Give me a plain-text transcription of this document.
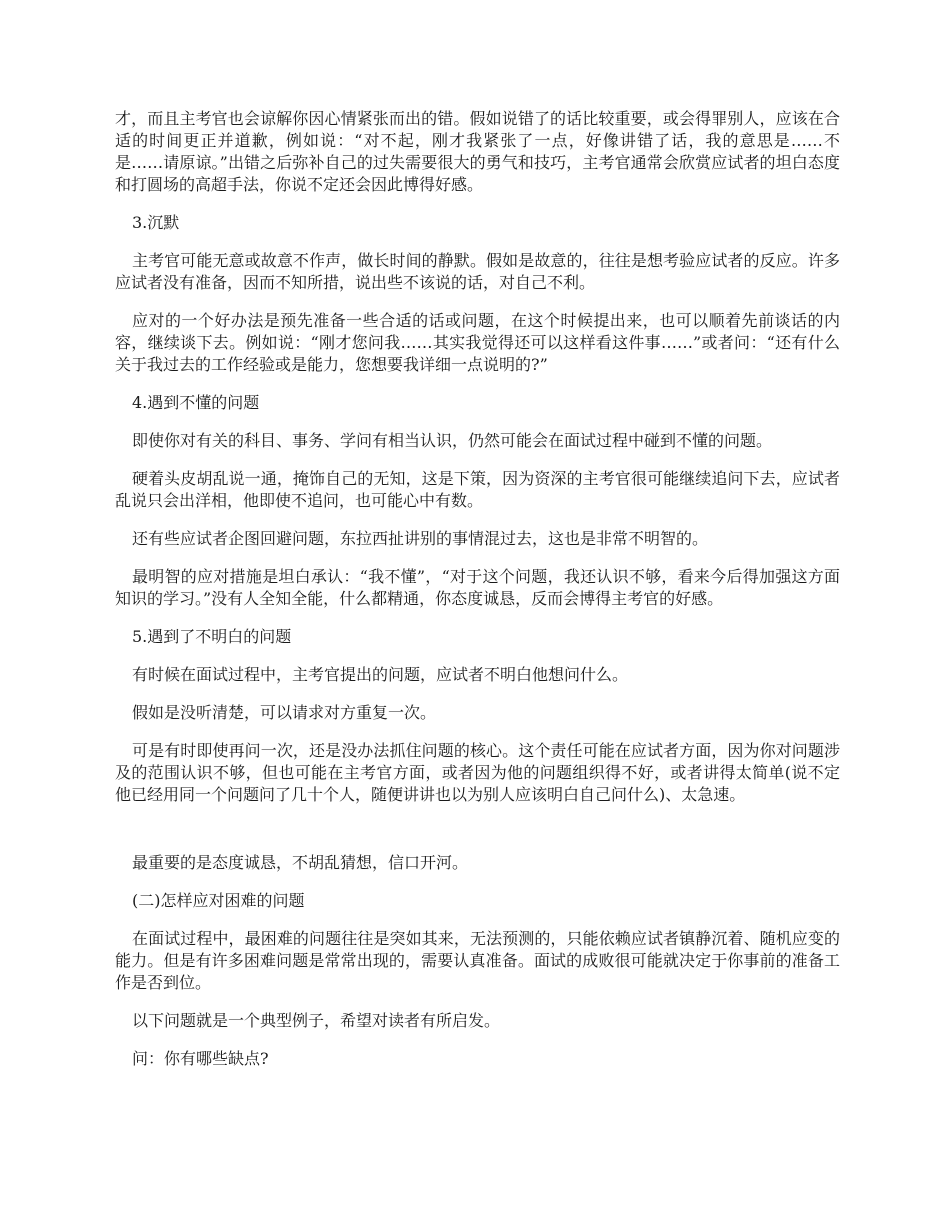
才，而且主考官也会谅解你因心情紧张而出的错。假如说错了的话比较重要，或会得罪别人，应该在合适的时间更正并道歉，例如说：“对不起，刚才我紧张了一点，好像讲错了话，我的意思是……不是……请原谅。”出错之后弥补自己的过失需要很大的勇气和技巧，主考官通常会欣赏应试者的坦白态度和打圆场的高超手法，你说不定还会因此博得好感。

3.沉默

主考官可能无意或故意不作声，做长时间的静默。假如是故意的，往往是想考验应试者的反应。许多应试者没有准备，因而不知所措，说出些不该说的话，对自己不利。

应对的一个好办法是预先准备一些合适的话或问题，在这个时候提出来，也可以顺着先前谈话的内容，继续谈下去。例如说：“刚才您问我……其实我觉得还可以这样看这件事……”或者问：“还有什么关于我过去的工作经验或是能力，您想要我详细一点说明的?”

4.遇到不懂的问题

即使你对有关的科目、事务、学问有相当认识，仍然可能会在面试过程中碰到不懂的问题。

硬着头皮胡乱说一通，掩饰自己的无知，这是下策，因为资深的主考官很可能继续追问下去，应试者乱说只会出洋相，他即使不追问，也可能心中有数。

还有些应试者企图回避问题，东拉西扯讲别的事情混过去，这也是非常不明智的。

最明智的应对措施是坦白承认：“我不懂”，“对于这个问题，我还认识不够，看来今后得加强这方面知识的学习。”没有人全知全能，什么都精通，你态度诚恳，反而会博得主考官的好感。

5.遇到了不明白的问题

有时候在面试过程中，主考官提出的问题，应试者不明白他想问什么。

假如是没听清楚，可以请求对方重复一次。

可是有时即使再问一次，还是没办法抓住问题的核心。这个责任可能在应试者方面，因为你对问题涉及的范围认识不够，但也可能在主考官方面，或者因为他的问题组织得不好，或者讲得太简单(说不定他已经用同一个问题问了几十个人，随便讲讲也以为别人应该明白自己问什么)、太急速。

最重要的是态度诚恳，不胡乱猜想，信口开河。

(二)怎样应对困难的问题

在面试过程中，最困难的问题往往是突如其来，无法预测的，只能依赖应试者镇静沉着、随机应变的能力。但是有许多困难问题是常常出现的，需要认真准备。面试的成败很可能就决定于你事前的准备工作是否到位。

以下问题就是一个典型例子，希望对读者有所启发。

问：你有哪些缺点?
